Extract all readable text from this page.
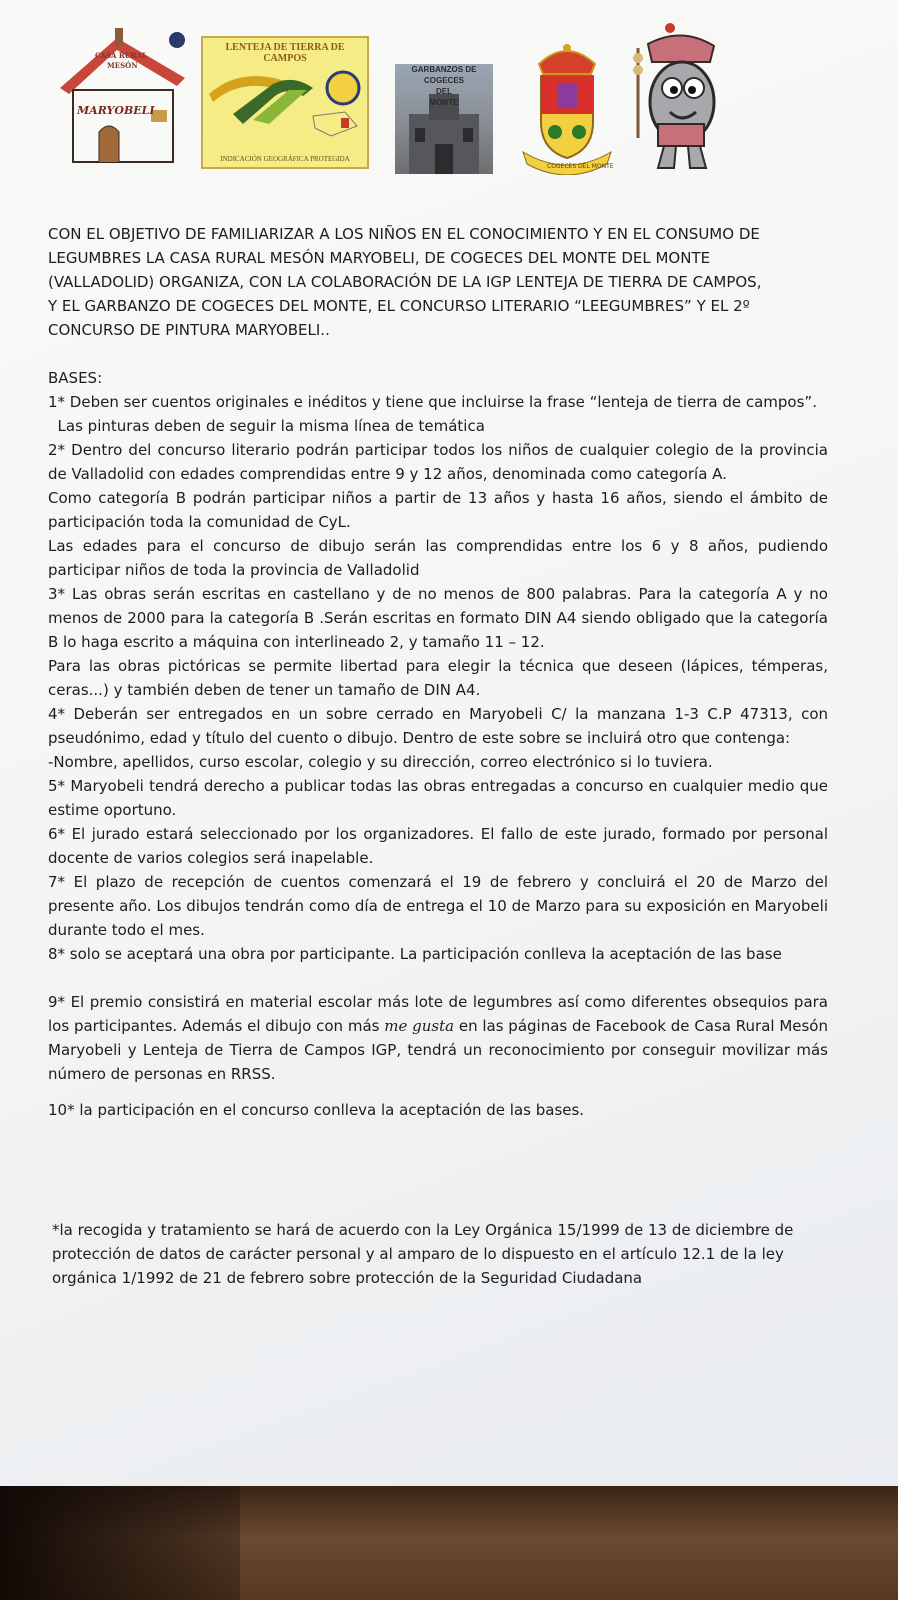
CASA RURAL
MESÓN
MARYOBELI
LENTEJA DE TIERRA DE CAMPOS
INDICACIÓN GEOGRÁFICA PROTEGIDA
GARBANZOS DE
COGECES
DEL
MONTE
COGECES DEL MONTE
CON EL OBJETIVO DE FAMILIARIZAR A LOS NIÑOS EN EL CONOCIMIENTO Y EN EL CONSUMO DE
LEGUMBRES LA CASA RURAL MESÓN MARYOBELI, DE COGECES DEL MONTE DEL MONTE
(VALLADOLID) ORGANIZA, CON LA COLABORACIÓN DE LA IGP LENTEJA DE TIERRA DE CAMPOS,
Y EL GARBANZO DE COGECES DEL MONTE, EL CONCURSO LITERARIO “LEEGUMBRES” Y EL 2º
CONCURSO DE PINTURA MARYOBELI..
BASES:
1* Deben ser cuentos originales e inéditos y tiene que incluirse la frase “lenteja de tierra de campos”.
Las pinturas deben de seguir la misma línea de temática
2* Dentro del concurso literario podrán participar todos los niños de cualquier colegio de la provincia de Valladolid con edades comprendidas entre 9 y 12 años, denominada como categoría A.
Como categoría B podrán participar niños a partir de 13 años y hasta 16 años, siendo el ámbito de participación toda la comunidad de CyL.
Las edades para el concurso de dibujo serán las comprendidas entre los 6 y 8 años, pudiendo participar niños de toda la provincia de Valladolid
3* Las obras serán escritas en castellano y de no menos de 800 palabras. Para la categoría A y no menos de 2000 para la categoría B .Serán escritas en formato DIN A4 siendo obligado que la categoría B lo haga escrito a máquina con interlineado 2, y tamaño 11 – 12.
Para las obras pictóricas se permite libertad para elegir la técnica que deseen (lápices, témperas, ceras...) y también deben de tener un tamaño de DIN A4.
4* Deberán ser entregados en un sobre cerrado en Maryobeli C/ la manzana 1-3 C.P 47313, con pseudónimo, edad y título del cuento o dibujo. Dentro de este sobre se incluirá otro que contenga:
-Nombre, apellidos, curso escolar, colegio y su dirección, correo electrónico si lo tuviera.
5* Maryobeli tendrá derecho a publicar todas las obras entregadas a concurso en cualquier medio que estime oportuno.
6* El jurado estará seleccionado por los organizadores. El fallo de este jurado, formado por personal docente de varios colegios será inapelable.
7* El plazo de recepción de cuentos comenzará el 19 de febrero y concluirá el 20 de Marzo del presente año. Los dibujos tendrán como día de entrega el 10 de Marzo para su exposición en Maryobeli durante todo el mes.
8* solo se aceptará una obra por participante. La participación conlleva la aceptación de las base
9* El premio consistirá en material escolar más lote de legumbres así como diferentes obsequios para los participantes. Además el dibujo con más me gusta en las páginas de Facebook de Casa Rural Mesón Maryobeli y Lenteja de Tierra de Campos IGP, tendrá un reconocimiento por conseguir movilizar más número de personas en RRSS.
10* la participación en el concurso conlleva la aceptación de las bases.
*la recogida y tratamiento se hará de acuerdo con la Ley Orgánica 15/1999 de 13 de diciembre de protección de datos de carácter personal y al amparo de lo dispuesto en el artículo 12.1 de la ley orgánica 1/1992 de 21 de febrero sobre protección de la Seguridad Ciudadana
